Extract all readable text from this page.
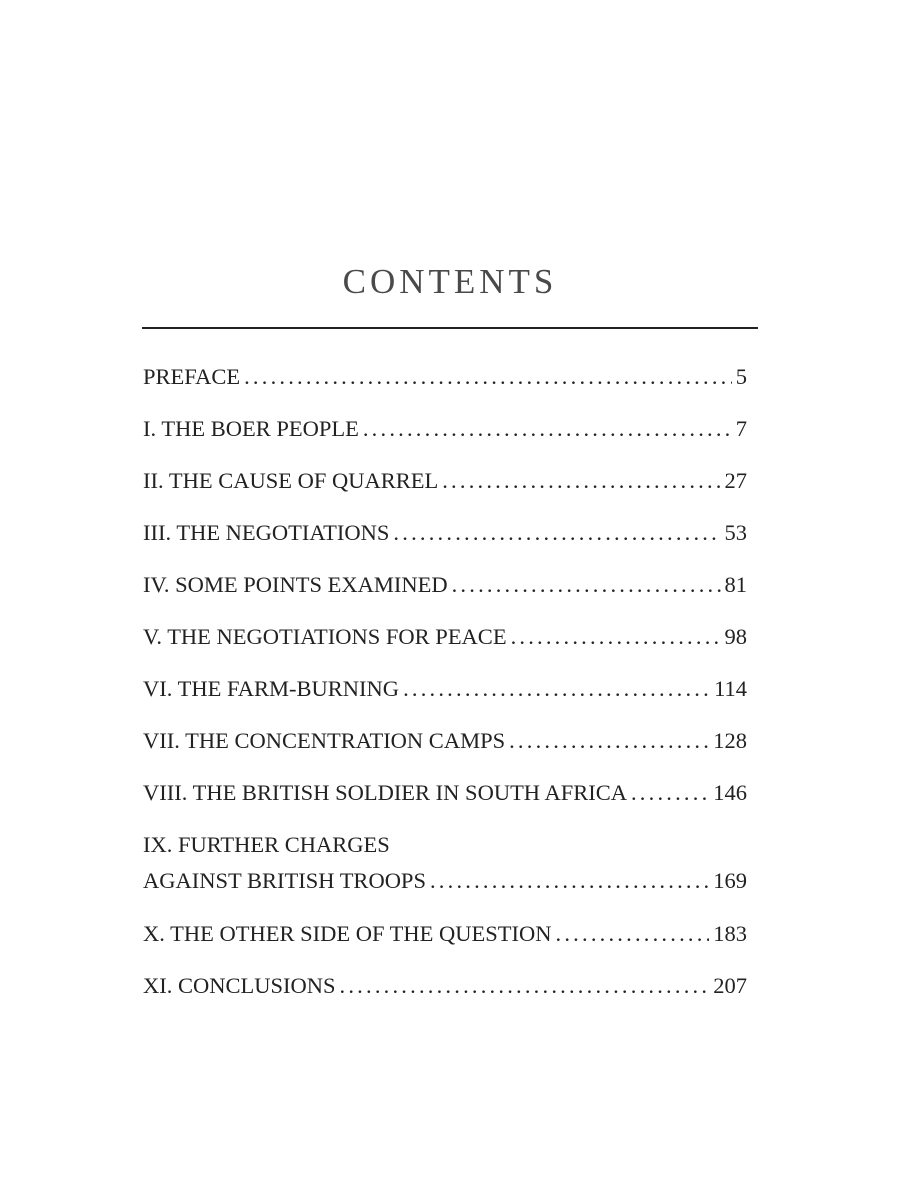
CONTENTS
PREFACE .....	5
I. THE BOER PEOPLE .....	7
II. THE CAUSE OF QUARREL .....	27
III. THE NEGOTIATIONS .....	53
IV. SOME POINTS EXAMINED .....	81
V. THE NEGOTIATIONS FOR PEACE .....	98
VI. THE FARM-BURNING .....	114
VII. THE CONCENTRATION CAMPS .....	128
VIII. THE BRITISH SOLDIER IN SOUTH AFRICA .....	146
IX. FURTHER CHARGES
AGAINST BRITISH TROOPS .....	169
X. THE OTHER SIDE OF THE QUESTION .....	183
XI. CONCLUSIONS .....	207
